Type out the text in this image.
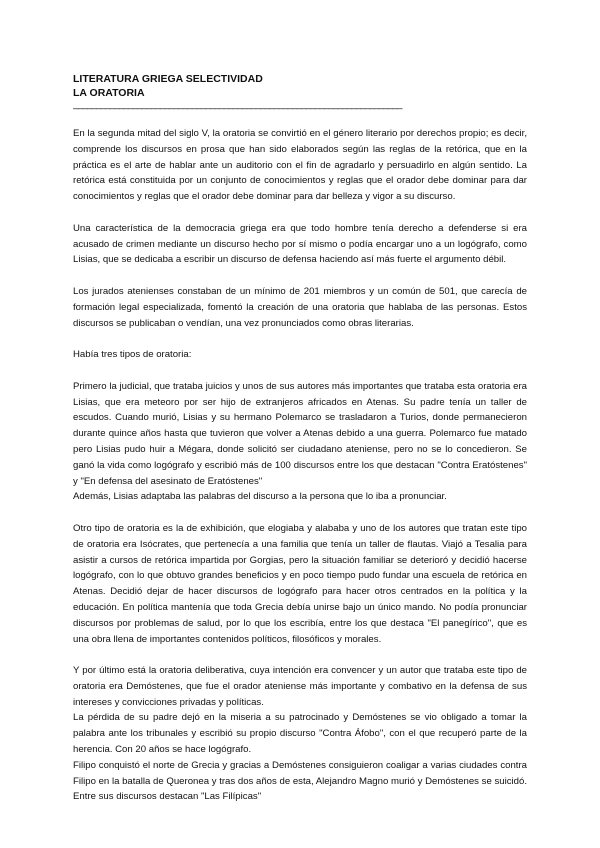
LITERATURA GRIEGA SELECTIVIDAD
LA ORATORIA
________________________________________________________________________

En la segunda mitad del siglo V, la oratoria se convirtió en el género literario por derechos propio; es decir, comprende los discursos en prosa que han sido elaborados según las reglas de la retórica, que en la práctica es el arte de hablar ante un auditorio con el fin de agradarlo y persuadirlo en algún sentido. La retórica está constituida por un conjunto de conocimientos y reglas que el orador debe dominar para dar conocimientos y reglas que el orador debe dominar para dar belleza y vigor a su discurso.

Una característica de la democracia griega era que todo hombre tenía derecho a defenderse si era acusado de crimen mediante un discurso hecho por sí mismo o podía encargar uno a un logógrafo, como Lisias, que se dedicaba a escribir un discurso de defensa haciendo así más fuerte el argumento débil.

Los jurados atenienses constaban de un mínimo de 201 miembros y un común de 501, que carecía de formación legal especializada, fomentó la creación de una oratoria que hablaba de las personas. Estos discursos se publicaban o vendían, una vez pronunciados como obras literarias.

Había tres tipos de oratoria:

Primero la judicial, que trataba juicios y unos de sus autores más importantes que trataba esta oratoria era Lisias, que era meteoro por ser hijo de extranjeros africados en Atenas. Su padre tenía un taller de escudos. Cuando murió, Lisias y su hermano Polemarco se trasladaron a Turios, donde permanecieron durante quince años hasta que tuvieron que volver a Atenas debido a una guerra. Polemarco fue matado pero Lisias pudo huir a Mégara, donde solicitó ser ciudadano ateniense, pero no se lo concedieron. Se ganó la vida como logógrafo y escribió más de 100 discursos entre los que destacan "Contra Eratóstenes" y "En defensa del asesinato de Eratóstenes"

Además, Lisias adaptaba las palabras del discurso a la persona que lo iba a pronunciar.

Otro tipo de oratoria es la de exhibición, que elogiaba y alababa y uno de los autores que tratan este tipo de oratoria era Isócrates, que pertenecía a una familia que tenía un taller de flautas. Viajó a Tesalia para asistir a cursos de retórica impartida por Gorgias, pero la situación familiar se deterioró y decidió hacerse logógrafo, con lo que obtuvo grandes beneficios y en poco tiempo pudo fundar una escuela de retórica en Atenas. Decidió dejar de hacer discursos de logógrafo para hacer otros centrados en la política y la educación. En política mantenía que toda Grecia debía unirse bajo un único mando. No podía pronunciar discursos por problemas de salud, por lo que los escribía, entre los que destaca "El panegírico", que es una obra llena de importantes contenidos políticos, filosóficos y morales.

Y por último está la oratoria deliberativa, cuya intención era convencer y un autor que trataba este tipo de oratoria era Demóstenes, que fue el orador ateniense más importante y combativo en la defensa de sus intereses y convicciones privadas y políticas.

La pérdida de su padre dejó en la miseria a su patrocinado y Demóstenes se vio obligado a tomar la palabra ante los tribunales y escribió su propio discurso "Contra Áfobo", con el que recuperó parte de la herencia. Con 20 años se hace logógrafo.

Filipo conquistó el norte de Grecia y gracias a Demóstenes consiguieron coaligar a varias ciudades contra Filipo en la batalla de Queronea y tras dos años de esta, Alejandro Magno murió y Demóstenes se suicidó. Entre sus discursos destacan "Las Filípicas"
